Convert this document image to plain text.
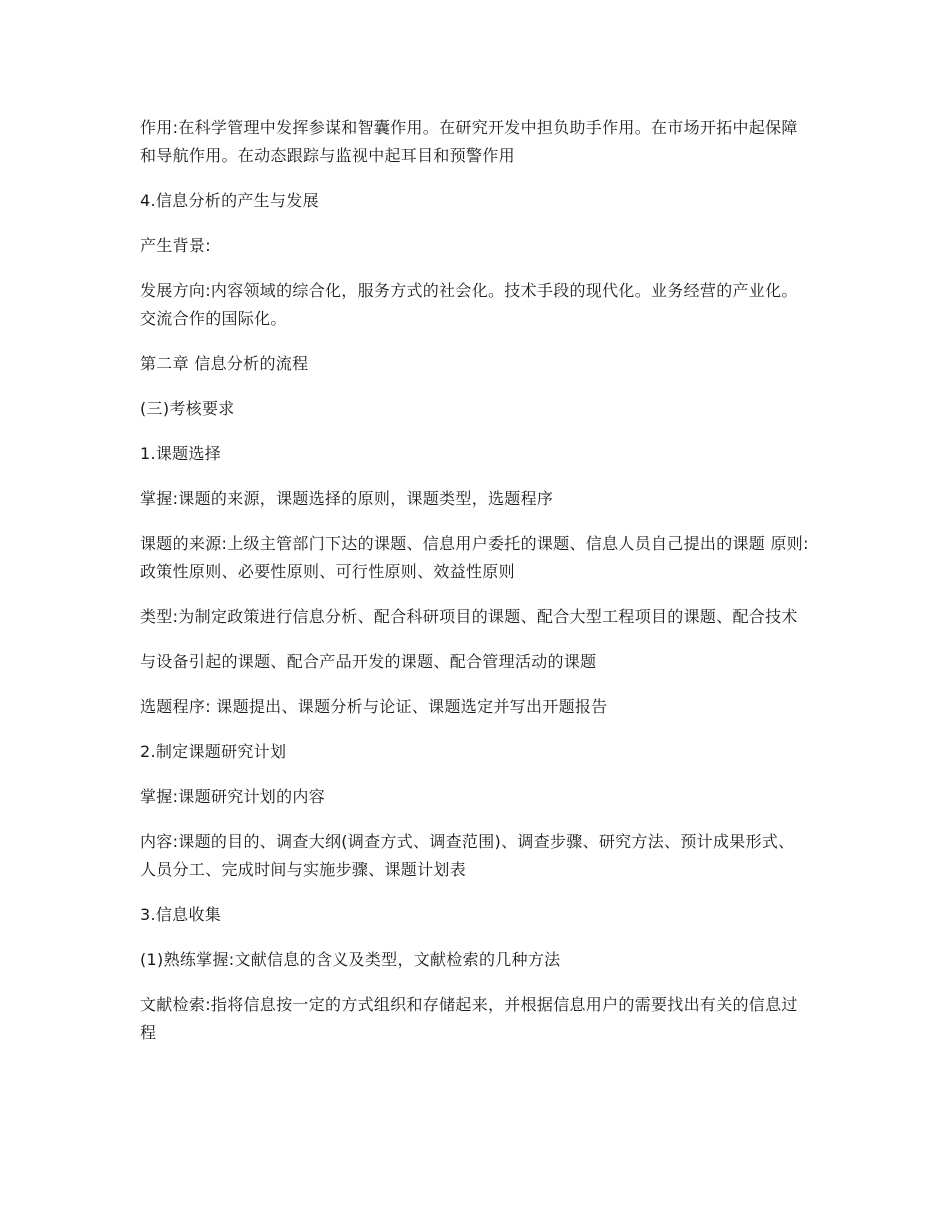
作用:在科学管理中发挥参谋和智囊作用。在研究开发中担负助手作用。在市场开拓中起保障和导航作用。在动态跟踪与监视中起耳目和预警作用

4.信息分析的产生与发展

产生背景:

发展方向:内容领域的综合化，服务方式的社会化。技术手段的现代化。业务经营的产业化。交流合作的国际化。

第二章 信息分析的流程

(三)考核要求

1.课题选择

掌握:课题的来源，课题选择的原则，课题类型，选题程序

课题的来源:上级主管部门下达的课题、信息用户委托的课题、信息人员自己提出的课题 原则:政策性原则、必要性原则、可行性原则、效益性原则

类型:为制定政策进行信息分析、配合科研项目的课题、配合大型工程项目的课题、配合技术

与设备引起的课题、配合产品开发的课题、配合管理活动的课题

选题程序: 课题提出、课题分析与论证、课题选定并写出开题报告

2.制定课题研究计划

掌握:课题研究计划的内容

内容:课题的目的、调查大纲(调查方式、调查范围)、调查步骤、研究方法、预计成果形式、人员分工、完成时间与实施步骤、课题计划表

3.信息收集

(1)熟练掌握:文献信息的含义及类型，文献检索的几种方法

文献检索:指将信息按一定的方式组织和存储起来，并根据信息用户的需要找出有关的信息过程
